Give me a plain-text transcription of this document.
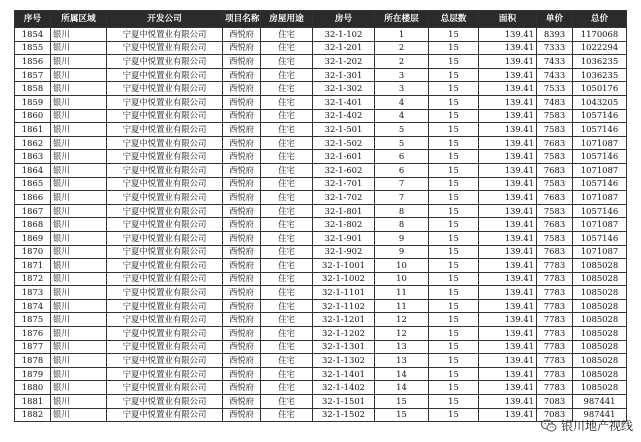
序号	所属区域	开发公司	项目名称	房屋用途	房号	所在楼层	总层数	面积	单价	总价
1854	银川	宁夏中悦置业有限公司	西悦府	住宅	32-1-102	1	15	139.41	8393	1170068
1855	银川	宁夏中悦置业有限公司	西悦府	住宅	32-1-201	2	15	139.41	7333	1022294
1856	银川	宁夏中悦置业有限公司	西悦府	住宅	32-1-202	2	15	139.41	7433	1036235
1857	银川	宁夏中悦置业有限公司	西悦府	住宅	32-1-301	3	15	139.41	7433	1036235
1858	银川	宁夏中悦置业有限公司	西悦府	住宅	32-1-302	3	15	139.41	7533	1050176
1859	银川	宁夏中悦置业有限公司	西悦府	住宅	32-1-401	4	15	139.41	7483	1043205
1860	银川	宁夏中悦置业有限公司	西悦府	住宅	32-1-402	4	15	139.41	7583	1057146
1861	银川	宁夏中悦置业有限公司	西悦府	住宅	32-1-501	5	15	139.41	7583	1057146
1862	银川	宁夏中悦置业有限公司	西悦府	住宅	32-1-502	5	15	139.41	7683	1071087
1863	银川	宁夏中悦置业有限公司	西悦府	住宅	32-1-601	6	15	139.41	7583	1057146
1864	银川	宁夏中悦置业有限公司	西悦府	住宅	32-1-602	6	15	139.41	7683	1071087
1865	银川	宁夏中悦置业有限公司	西悦府	住宅	32-1-701	7	15	139.41	7583	1057146
1866	银川	宁夏中悦置业有限公司	西悦府	住宅	32-1-702	7	15	139.41	7683	1071087
1867	银川	宁夏中悦置业有限公司	西悦府	住宅	32-1-801	8	15	139.41	7583	1057146
1868	银川	宁夏中悦置业有限公司	西悦府	住宅	32-1-802	8	15	139.41	7683	1071087
1869	银川	宁夏中悦置业有限公司	西悦府	住宅	32-1-901	9	15	139.41	7583	1057146
1870	银川	宁夏中悦置业有限公司	西悦府	住宅	32-1-902	9	15	139.41	7683	1071087
1871	银川	宁夏中悦置业有限公司	西悦府	住宅	32-1-1001	10	15	139.41	7783	1085028
1872	银川	宁夏中悦置业有限公司	西悦府	住宅	32-1-1002	10	15	139.41	7783	1085028
1873	银川	宁夏中悦置业有限公司	西悦府	住宅	32-1-1101	11	15	139.41	7783	1085028
1874	银川	宁夏中悦置业有限公司	西悦府	住宅	32-1-1102	11	15	139.41	7783	1085028
1875	银川	宁夏中悦置业有限公司	西悦府	住宅	32-1-1201	12	15	139.41	7783	1085028
1876	银川	宁夏中悦置业有限公司	西悦府	住宅	32-1-1202	12	15	139.41	7783	1085028
1877	银川	宁夏中悦置业有限公司	西悦府	住宅	32-1-1301	13	15	139.41	7783	1085028
1878	银川	宁夏中悦置业有限公司	西悦府	住宅	32-1-1302	13	15	139.41	7783	1085028
1879	银川	宁夏中悦置业有限公司	西悦府	住宅	32-1-1401	14	15	139.41	7783	1085028
1880	银川	宁夏中悦置业有限公司	西悦府	住宅	32-1-1402	14	15	139.41	7783	1085028
1881	银川	宁夏中悦置业有限公司	西悦府	住宅	32-1-1501	15	15	139.41	7083	987441
1882	银川	宁夏中悦置业有限公司	西悦府	住宅	32-1-1502	15	15	139.41	7083	987441
银川地产视线
